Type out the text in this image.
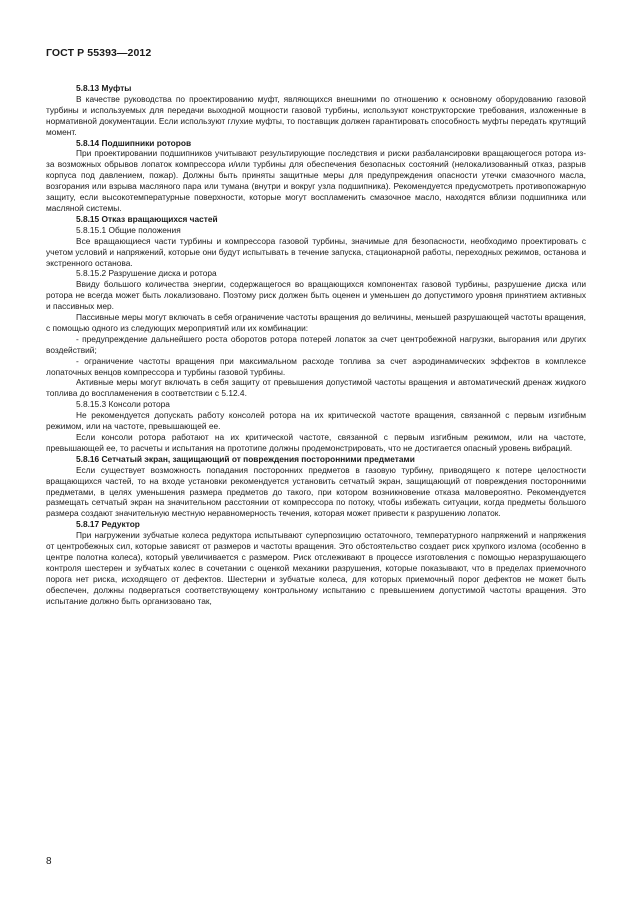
ГОСТ Р 55393—2012

5.8.13 Муфты

В качестве руководства по проектированию муфт, являющихся внешними по отношению к основному оборудованию газовой турбины и используемых для передачи выходной мощности газовой турбины, используют конструкторские требования, изложенные в нормативной документации. Если используют глухие муфты, то поставщик должен гарантировать способность муфты передать крутящий момент.

5.8.14 Подшипники роторов

При проектировании подшипников учитывают результирующие последствия и риски разбалансировки вращающегося ротора из-за возможных обрывов лопаток компрессора и/или турбины для обеспечения безопасных состояний (нелокализованный отказ, разрыв корпуса под давлением, пожар). Должны быть приняты защитные меры для предупреждения опасности утечки смазочного масла, возгорания или взрыва масляного пара или тумана (внутри и вокруг узла подшипника). Рекомендуется предусмотреть противопожарную защиту, если высокотемпературные поверхности, которые могут воспламенить смазочное масло, находятся вблизи подшипника или масляной системы.

5.8.15 Отказ вращающихся частей

5.8.15.1 Общие положения

Все вращающиеся части турбины и компрессора газовой турбины, значимые для безопасности, необходимо проектировать с учетом условий и напряжений, которые они будут испытывать в течение запуска, стационарной работы, переходных режимов, останова и экстренного останова.

5.8.15.2 Разрушение диска и ротора

Ввиду большого количества энергии, содержащегося во вращающихся компонентах газовой турбины, разрушение диска или ротора не всегда может быть локализовано. Поэтому риск должен быть оценен и уменьшен до допустимого уровня принятием активных и пассивных мер.

Пассивные меры могут включать в себя ограничение частоты вращения до величины, меньшей разрушающей частоты вращения, с помощью одного из следующих мероприятий или их комбинации:

- предупреждение дальнейшего роста оборотов ротора потерей лопаток за счет центробежной нагрузки, выгорания или других воздействий;

- ограничение частоты вращения при максимальном расходе топлива за счет аэродинамических эффектов в комплексе лопаточных венцов компрессора и турбины газовой турбины.

Активные меры могут включать в себя защиту от превышения допустимой частоты вращения и автоматический дренаж жидкого топлива до воспламенения в соответствии с 5.12.4.

5.8.15.3 Консоли ротора

Не рекомендуется допускать работу консолей ротора на их критической частоте вращения, связанной с первым изгибным режимом, или на частоте, превышающей ее.

Если консоли ротора работают на их критической частоте, связанной с первым изгибным режимом, или на частоте, превышающей ее, то расчеты и испытания на прототипе должны продемонстрировать, что не достигается опасный уровень вибраций.

5.8.16 Сетчатый экран, защищающий от повреждения посторонними предметами

Если существует возможность попадания посторонних предметов в газовую турбину, приводящего к потере целостности вращающихся частей, то на входе установки рекомендуется установить сетчатый экран, защищающий от повреждения посторонними предметами, в целях уменьшения размера предметов до такого, при котором возникновение отказа маловероятно. Рекомендуется размещать сетчатый экран на значительном расстоянии от компрессора по потоку, чтобы избежать ситуации, когда предметы большого размера создают значительную местную неравномерность течения, которая может привести к разрушению лопаток.

5.8.17 Редуктор

При нагружении зубчатые колеса редуктора испытывают суперпозицию остаточного, температурного напряжений и напряжения от центробежных сил, которые зависят от размеров и частоты вращения. Это обстоятельство создает риск хрупкого излома (особенно в центре полотна колеса), который увеличивается с размером. Риск отслеживают в процессе изготовления с помощью неразрушающего контроля шестерен и зубчатых колес в сочетании с оценкой механики разрушения, которые показывают, что в пределах приемочного порога нет риска, исходящего от дефектов. Шестерни и зубчатые колеса, для которых приемочный порог дефектов не может быть обеспечен, должны подвергаться соответствующему контрольному испытанию с превышением допустимой частоты вращения. Это испытание должно быть организовано так,

8
